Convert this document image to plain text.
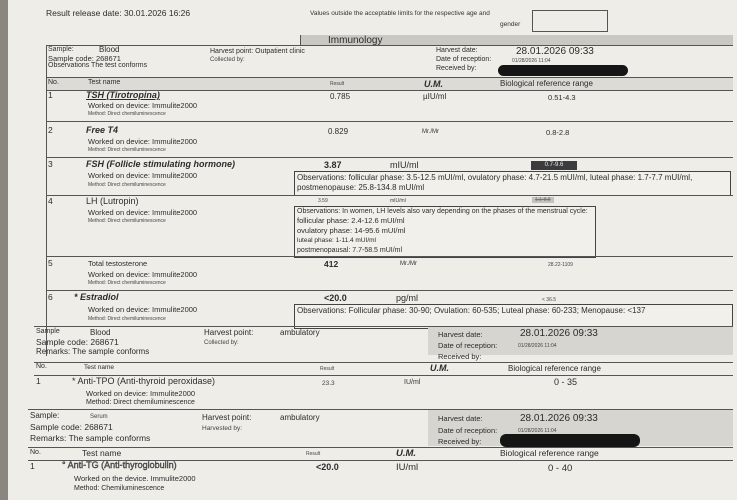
Result release date: 30.01.2026 16:26	Values outside the acceptable limits for the respective age and
gender
Immunology
Sample:	Blood
Sample code: 268671
Observations The test conforms
Harvest point: Outpatient clinic
Collected by:
Harvest date:	28.01.2026 09:33
Date of reception:	01/28/2026 11:04
Received by:
No.	Test name	Result	U.M.	Biological reference range
1	TSH (Tirotropina)
Worked on device: Immulite2000
Method: Direct chemiluminescence
0.785	µIU/ml	0.51-4.3
2	Free T4
Worked on device: Immulite2000
Method: Direct chemiluminescence
0.829	Mr./Mr	0.8-2.8
3	FSH (Follicle stimulating hormone)
Worked on device: Immulite2000
Method: Direct chemiluminescence
3.87	mIU/ml	0.7-9.6
Observations: follicular phase: 3.5-12.5 mUI/ml, ovulatory phase: 4.7-21.5 mUI/ml, luteal phase: 1.7-7.7 mUI/ml, postmenopause: 25.8-134.8 mUI/ml
4	LH (Lutropin)
Worked on device: Immulite2000
Method: Direct chemiluminescence
3.59	mIU/ml	1.1-8.8
Observations: In women, LH levels also vary depending on the phases of the menstrual cycle:
follicular phase: 2.4-12.6 mUI/ml
ovulatory phase: 14-95.6 mUI/ml
luteal phase: 1-11.4 mUI/ml
postmenopausal: 7.7-58.5 mUI/ml
5	Total testosterone
Worked on device: Immulite2000
Method: Direct chemiluminescence
412	Mr./Mr	28.22-1109
6 * Estradiol
Worked on device: Immulite2000
Method: Direct chemiluminescence
<20.0	pg/ml	< 36.5
Observations: Follicular phase: 30-90; Ovulation: 60-535; Luteal phase: 60-233; Menopause: <137
Sample	Blood
Sample code: 268671
Remarks: The sample conforms
Harvest point:	ambulatory
Collected by:
Harvest date:	28.01.2026 09:33
Date of reception:	01/28/2026 11:04
Received by:
No.	Test name	Result	U.M.	Biological reference range
1	* Anti-TPO (Anti-thyroid peroxidase)
Worked on device: Immulite2000
Method: Direct chemiluminescence
23.3	IU/ml	0 - 35
Sample:	Serum
Sample code: 268671
Remarks: The sample conforms
Harvest point:	ambulatory
Harvested by:
Harvest date:	28.01.2026 09:33
Date of reception:	01/28/2026 11:04
Received by:
No.	Test name	Result	U.M.	Biological reference range
1	° Anti-TG (Anti-thyroglobulin)
Worked on the device. Immulite2000
Method: Chemiluminescence
<20.0	IU/ml	0 - 40
